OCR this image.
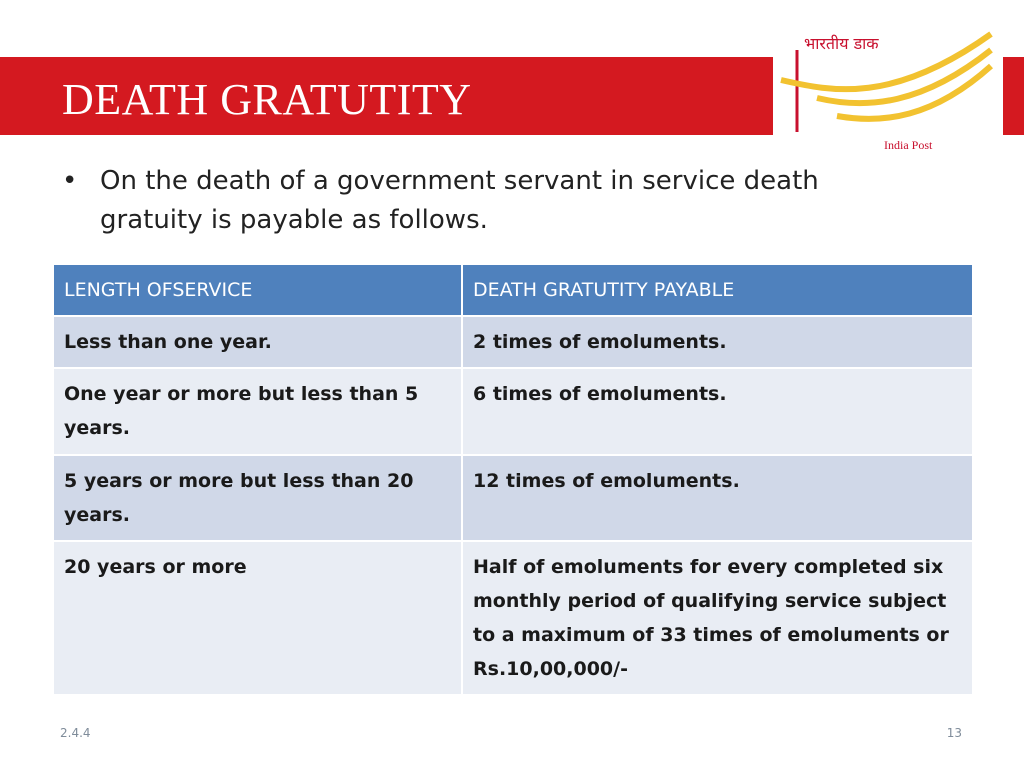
DEATH GRATUTITY

भारतीय डाक

India Post

• On the death of a government servant in service death gratuity is payable as follows.
LENGTH OFSERVICE	DEATH GRATUTITY PAYABLE
Less than one year.	2 times of emoluments.
One year or more but less than 5 years.	6 times of emoluments.
5 years or more but less than 20 years.	12 times of emoluments.
20 years or more	Half of emoluments for every completed six monthly period of qualifying service subject to a maximum of 33 times of emoluments or Rs.10,00,000/-

2.4.4	13
